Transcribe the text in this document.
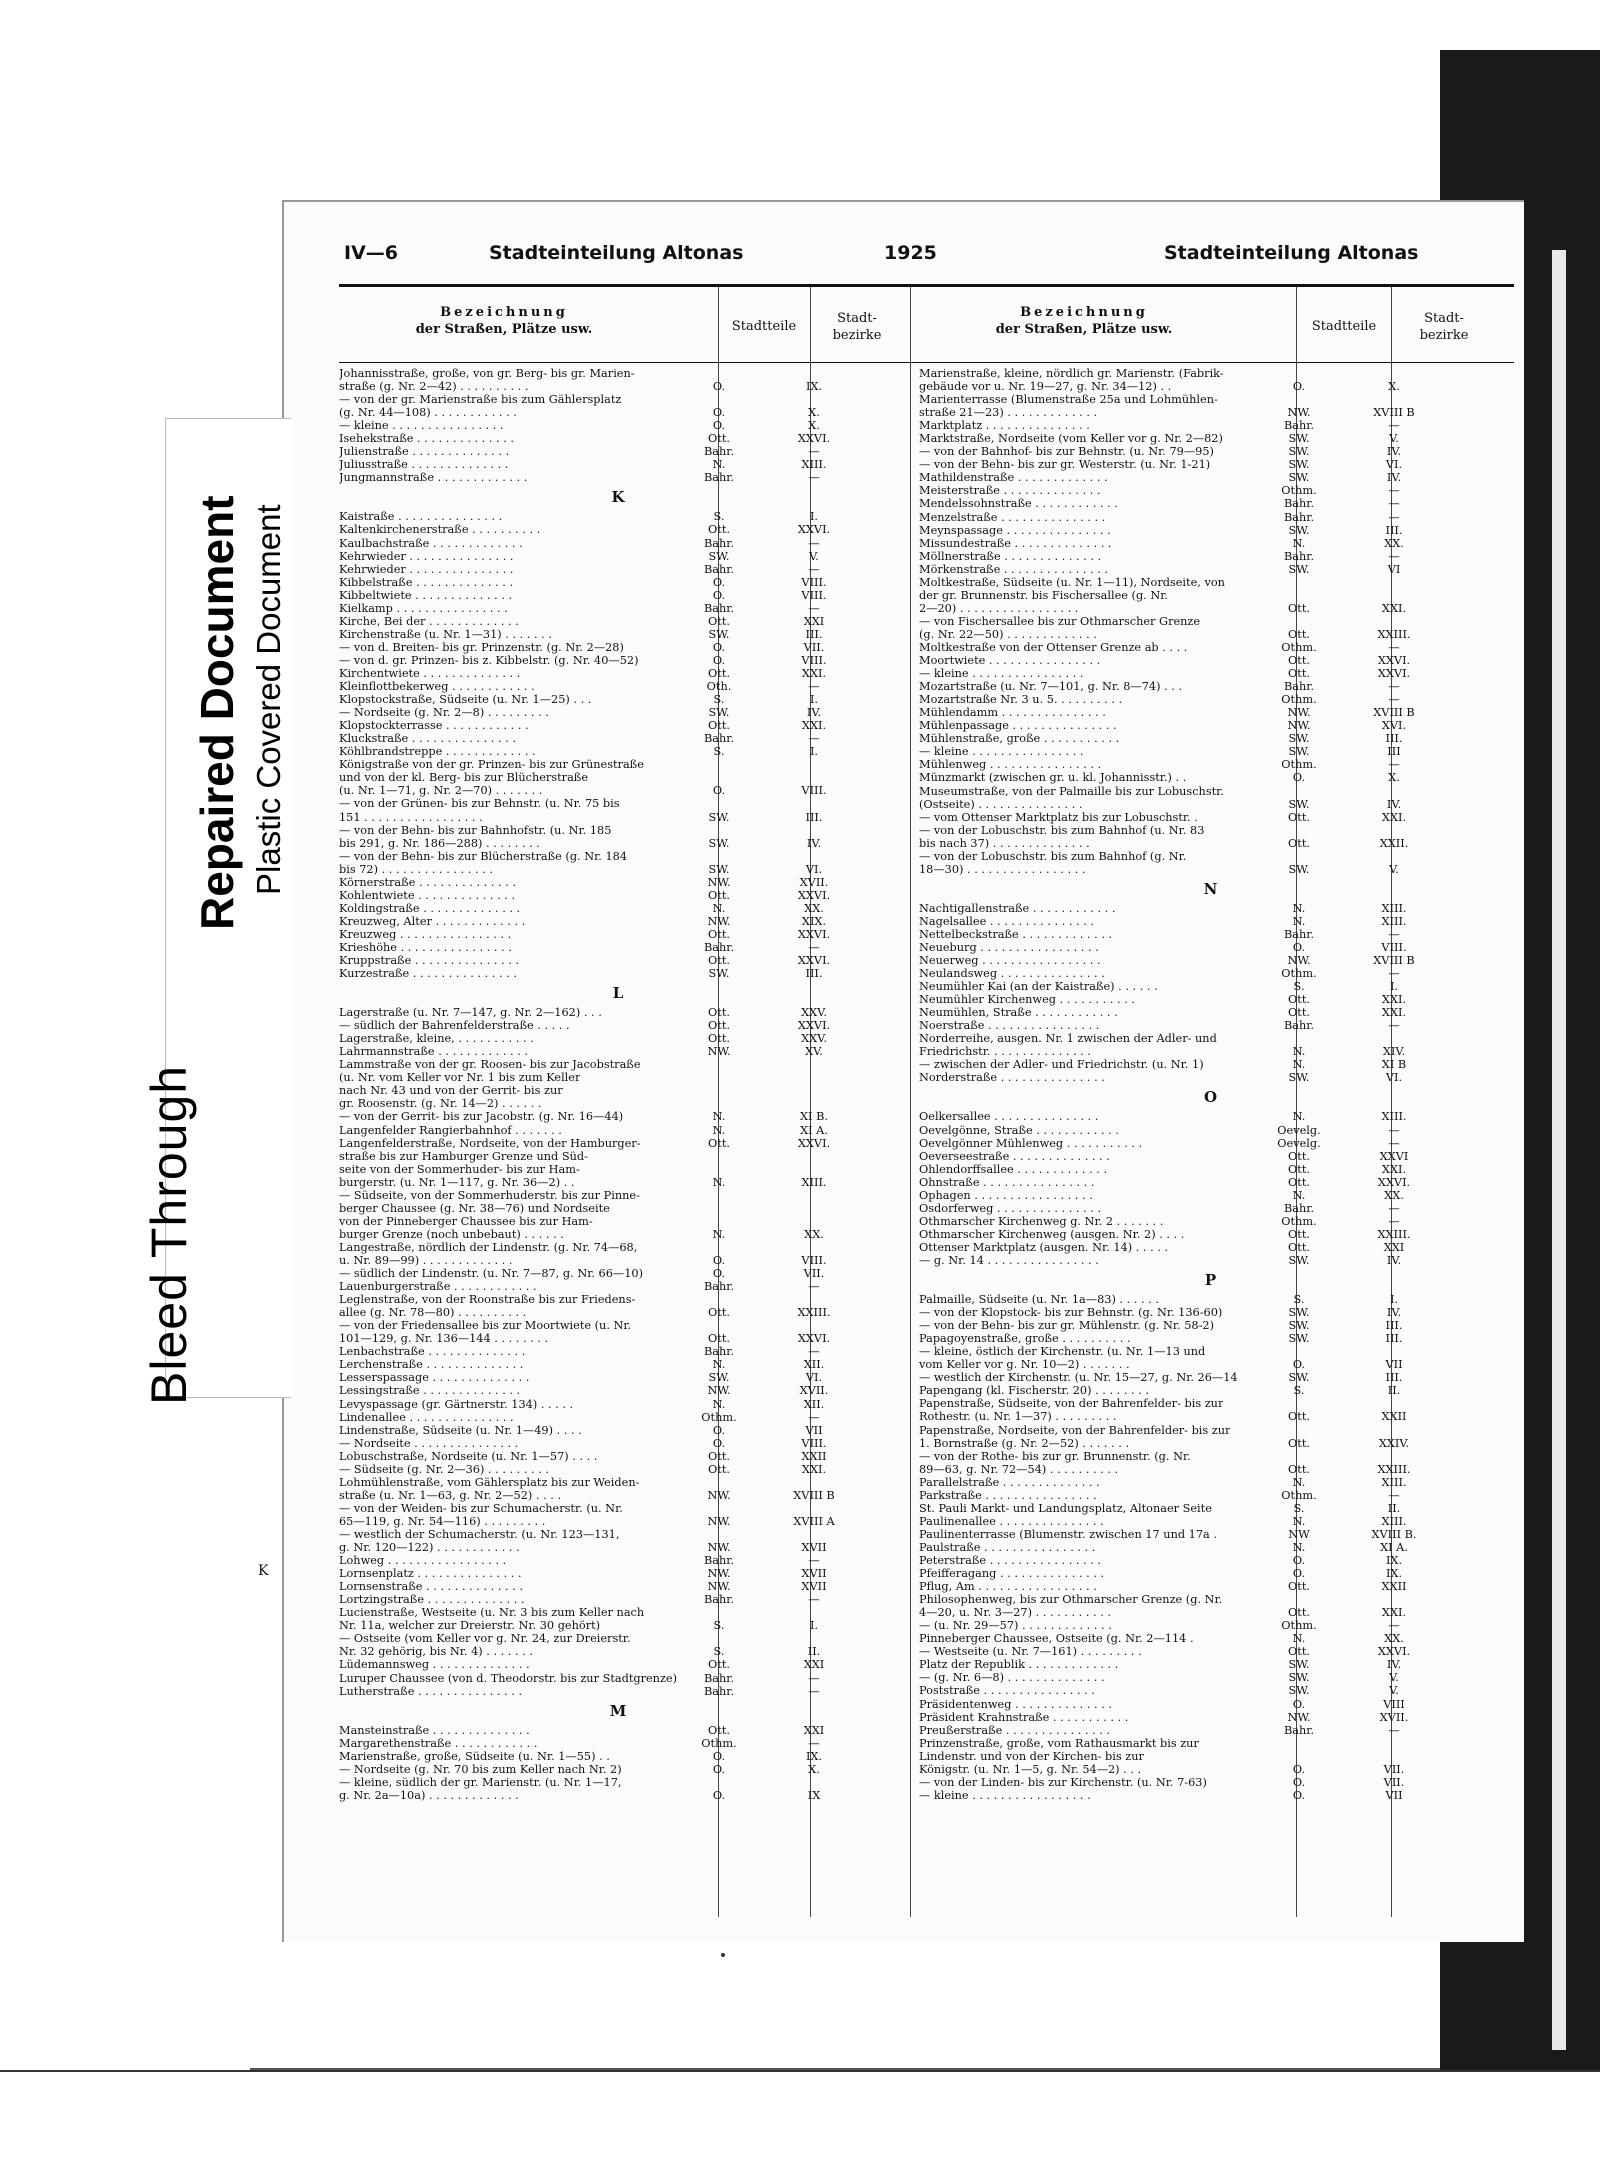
IV—6	Stadteinteilung Altonas	1925	Stadteinteilung Altonas
Bezeichnung
der Straßen, Plätze usw.	Stadtteile
Stadt-
bezirke
Bezeichnung
der Straßen, Plätze usw.	Stadtteile
Stadt-
bezirke
Johannisstraße, große, von gr. Berg- bis gr. Marien-
straße (g. Nr. 2—42) . . . . . . . . . .	O.	IX.
— von der gr. Marienstraße bis zum Gählersplatz
(g. Nr. 44—108) . . . . . . . . . . . .	O.	X.
— kleine . . . . . . . . . . . . . . . .	O.	X.
Isehekstraße . . . . . . . . . . . . . .	Ott.	XXVI.
Julienstraße . . . . . . . . . . . . . .	Bahr.	—
Juliusstraße . . . . . . . . . . . . . .	N.	XIII.
Jungmannstraße . . . . . . . . . . . . .	Bahr.	—
K
Kaistraße . . . . . . . . . . . . . . .	S.	I.
Kaltenkirchenerstraße . . . . . . . . . .	Ott.	XXVI.
Kaulbachstraße . . . . . . . . . . . . .	Bahr.	—
Kehrwieder . . . . . . . . . . . . . . .	SW.	V.
Kehrwieder . . . . . . . . . . . . . . .	Bahr.	—
Kibbelstraße . . . . . . . . . . . . . .	O.	VIII.
Kibbeltwiete . . . . . . . . . . . . . .	O.	VIII.
Kielkamp . . . . . . . . . . . . . . . .	Bahr.	—
Kirche, Bei der . . . . . . . . . . . . .	Ott.	XXI
Kirchenstraße (u. Nr. 1—31) . . . . . . .	SW.	III.
— von d. Breiten- bis gr. Prinzenstr. (g. Nr. 2—28)	O.	VII.
— von d. gr. Prinzen- bis z. Kibbelstr. (g. Nr. 40—52)	O.	VIII.
Kirchentwiete . . . . . . . . . . . . . .	Ott.	XXI.
Kleinflottbekerweg . . . . . . . . . . . .	Oth.	—
Klopstockstraße, Südseite (u. Nr. 1—25) . . .	S.	I.
— Nordseite (g. Nr. 2—8) . . . . . . . . .	SW.	IV.
Klopstockterrasse . . . . . . . . . . . .	Ott.	XXI.
Kluckstraße . . . . . . . . . . . . . . .	Bahr.	—
Köhlbrandstreppe . . . . . . . . . . . . .	S.	I.
Königstraße von der gr. Prinzen- bis zur Grünestraße
und von der kl. Berg- bis zur Blücherstraße
(u. Nr. 1—71, g. Nr. 2—70) . . . . . . .	O.	VIII.
— von der Grünen- bis zur Behnstr. (u. Nr. 75 bis
151 . . . . . . . . . . . . . . . . .	SW.	III.
— von der Behn- bis zur Bahnhofstr. (u. Nr. 185
bis 291, g. Nr. 186—288) . . . . . . . .	SW.	IV.
— von der Behn- bis zur Blücherstraße (g. Nr. 184
bis 72) . . . . . . . . . . . . . . . .	SW.	VI.
Körnerstraße . . . . . . . . . . . . . .	NW.	XVII.
Kohlentwiete . . . . . . . . . . . . . .	Ott.	XXVI.
Koldingstraße . . . . . . . . . . . . . .	N.	XX.
Kreuzweg, Alter . . . . . . . . . . . . .	NW.	XIX.
Kreuzweg . . . . . . . . . . . . . . . .	Ott.	XXVI.
Krieshöhe . . . . . . . . . . . . . . . .	Bahr.	—
Kruppstraße . . . . . . . . . . . . . . .	Ott.	XXVI.
Kurzestraße . . . . . . . . . . . . . . .	SW.	III.
L
Lagerstraße (u. Nr. 7—147, g. Nr. 2—162) . . .	Ott.	XXV.
— südlich der Bahrenfelderstraße . . . . .	Ott.	XXVI.
Lagerstraße, kleine, . . . . . . . . . . .	Ott.	XXV.
Lahrmannstraße . . . . . . . . . . . . .	NW.	XV.
Lammstraße von der gr. Roosen- bis zur Jacobstraße
(u. Nr. vom Keller vor Nr. 1 bis zum Keller
nach Nr. 43 und von der Gerrit- bis zur
gr. Roosenstr. (g. Nr. 14—2) . . . . . .
— von der Gerrit- bis zur Jacobstr. (g. Nr. 16—44)	N.	XI B.
Langenfelder Rangierbahnhof . . . . . . .	N.	XI A.
Langenfelderstraße, Nordseite, von der Hamburger-	Ott.	XXVI.
straße bis zur Hamburger Grenze und Süd-
seite von der Sommerhuder- bis zur Ham-
burgerstr. (u. Nr. 1—117, g. Nr. 36—2) . .	N.	XIII.
— Südseite, von der Sommerhuderstr. bis zur Pinne-
berger Chaussee (g. Nr. 38—76) und Nordseite
von der Pinneberger Chaussee bis zur Ham-
burger Grenze (noch unbebaut) . . . . . .	N.	XX.
Langestraße, nördlich der Lindenstr. (g. Nr. 74—68,
u. Nr. 89—99) . . . . . . . . . . . . .	O.	VIII.
— südlich der Lindenstr. (u. Nr. 7—87, g. Nr. 66—10)	O.	VII.
Lauenburgerstraße . . . . . . . . . . . .	Bahr.	—
Leglenstraße, von der Roonstraße bis zur Friedens-
allee (g. Nr. 78—80) . . . . . . . . . .	Ott.	XXIII.
— von der Friedensallee bis zur Moortwiete (u. Nr.
101—129, g. Nr. 136—144 . . . . . . . .	Ott.	XXVI.
Lenbachstraße . . . . . . . . . . . . . .	Bahr.	—
Lerchenstraße . . . . . . . . . . . . . .	N.	XII.
Lesserspassage . . . . . . . . . . . . . .	SW.	VI.
Lessingstraße . . . . . . . . . . . . . .	NW.	XVII.
Levyspassage (gr. Gärtnerstr. 134) . . . . .	N.	XII.
Lindenallee . . . . . . . . . . . . . . .	Othm.	—
Lindenstraße, Südseite (u. Nr. 1—49) . . . .	O.	VII
— Nordseite . . . . . . . . . . . . . . .	O.	VIII.
Lobuschstraße, Nordseite (u. Nr. 1—57) . . . .	Ott.	XXII
— Südseite (g. Nr. 2—36) . . . . . . . . .	Ott.	XXI.
Lohmühlenstraße, vom Gählersplatz bis zur Weiden-
straße (u. Nr. 1—63, g. Nr. 2—52) . . . .	NW.	XVIII B
— von der Weiden- bis zur Schumacherstr. (u. Nr.
65—119, g. Nr. 54—116) . . . . . . . . .	NW.	XVIII A
— westlich der Schumacherstr. (u. Nr. 123—131,
g. Nr. 120—122) . . . . . . . . . . . .	NW.	XVII
Lohweg . . . . . . . . . . . . . . . . .	Bahr.	—
Lornsenplatz . . . . . . . . . . . . . . .	NW.	XVII
Lornsenstraße . . . . . . . . . . . . . .	NW.	XVII
Lortzingstraße . . . . . . . . . . . . . .	Bahr.	—
Lucienstraße, Westseite (u. Nr. 3 bis zum Keller nach
Nr. 11a, welcher zur Dreierstr. Nr. 30 gehört)	S.	I.
— Ostseite (vom Keller vor g. Nr. 24, zur Dreierstr.
Nr. 32 gehörig, bis Nr. 4) . . . . . . .	S.	II.
Lüdemannsweg . . . . . . . . . . . . . .	Ott.	XXI
Luruper Chaussee (von d. Theodorstr. bis zur Stadtgrenze)	Bahr.	—
Lutherstraße . . . . . . . . . . . . . . .	Bahr.	—
M
Mansteinstraße . . . . . . . . . . . . . .	Ott.	XXI
Margarethenstraße . . . . . . . . . . . .	Othm.	—
Marienstraße, große, Südseite (u. Nr. 1—55) . .	O.	IX.
— Nordseite (g. Nr. 70 bis zum Keller nach Nr. 2)	O.	X.
— kleine, südlich der gr. Marienstr. (u. Nr. 1—17,
g. Nr. 2a—10a) . . . . . . . . . . . . .	O.	IX
Marienstraße, kleine, nördlich gr. Marienstr. (Fabrik-
gebäude vor u. Nr. 19—27, g. Nr. 34—12) . .	O.	X.
Marienterrasse (Blumenstraße 25a und Lohmühlen-
straße 21—23) . . . . . . . . . . . . .	NW.	XVIII B
Marktplatz . . . . . . . . . . . . . . .	Bahr.	—
Marktstraße, Nordseite (vom Keller vor g. Nr. 2—82)	SW.	V.
— von der Bahnhof- bis zur Behnstr. (u. Nr. 79—95)	SW.	IV.
— von der Behn- bis zur gr. Westerstr. (u. Nr. 1-21)	SW.	VI.
Mathildenstraße . . . . . . . . . . . . .	SW.	IV.
Meisterstraße . . . . . . . . . . . . . .	Othm.	—
Mendelssohnstraße . . . . . . . . . . . .	Bahr.	—
Menzelstraße . . . . . . . . . . . . . . .	Bahr.	—
Meynspassage . . . . . . . . . . . . . . .	SW.	III.
Missundestraße . . . . . . . . . . . . . .	N.	XX.
Möllnerstraße . . . . . . . . . . . . . .	Bahr.	—
Mörkenstraße . . . . . . . . . . . . . . .	SW.	VI
Moltkestraße, Südseite (u. Nr. 1—11), Nordseite, von
der gr. Brunnenstr. bis Fischersallee (g. Nr.
2—20) . . . . . . . . . . . . . . . . .	Ott.	XXI.
— von Fischersallee bis zur Othmarscher Grenze
(g. Nr. 22—50) . . . . . . . . . . . . .	Ott.	XXIII.
Moltkestraße von der Ottenser Grenze ab . . . .	Othm.	—
Moortwiete . . . . . . . . . . . . . . . .	Ott.	XXVI.
— kleine . . . . . . . . . . . . . . . .	Ott.	XXVI.
Mozartstraße (u. Nr. 7—101, g. Nr. 8—74) . . .	Bahr.	—
Mozartstraße Nr. 3 u. 5. . . . . . . . . .	Othm.	—
Mühlendamm . . . . . . . . . . . . . . .	NW.	XVIII B
Mühlenpassage . . . . . . . . . . . . . . .	NW.	XVI.
Mühlenstraße, große . . . . . . . . . . .	SW.	III.
— kleine . . . . . . . . . . . . . . . .	SW.	III
Mühlenweg . . . . . . . . . . . . . . . .	Othm.	—
Münzmarkt (zwischen gr. u. kl. Johannisstr.) . .	O.	X.
Museumstraße, von der Palmaille bis zur Lobuschstr.
(Ostseite) . . . . . . . . . . . . . . .	SW.	IV.
— vom Ottenser Marktplatz bis zur Lobuschstr. .	Ott.	XXI.
— von der Lobuschstr. bis zum Bahnhof (u. Nr. 83
bis nach 37) . . . . . . . . . . . . . .	Ott.	XXII.
— von der Lobuschstr. bis zum Bahnhof (g. Nr.
18—30) . . . . . . . . . . . . . . . . .	SW.	V.
N
Nachtigallenstraße . . . . . . . . . . . .	N.	XIII.
Nagelsallee . . . . . . . . . . . . . . .	N.	XIII.
Nettelbeckstraße . . . . . . . . . . . . .	Bahr.	—
Neueburg . . . . . . . . . . . . . . . . .	O.	VIII.
Neuerweg . . . . . . . . . . . . . . . . .	NW.	XVIII B
Neulandsweg . . . . . . . . . . . . . . .	Othm.	—
Neumühler Kai (an der Kaistraße) . . . . . .	S.	I.
Neumühler Kirchenweg . . . . . . . . . . .	Ott.	XXI.
Neumühlen, Straße . . . . . . . . . . . .	Ott.	XXI.
Noerstraße . . . . . . . . . . . . . . . .	Bahr.	—
Norderreihe, ausgen. Nr. 1 zwischen der Adler- und
Friedrichstr. . . . . . . . . . . . . . .	N.	XIV.
— zwischen der Adler- und Friedrichstr. (u. Nr. 1)	N.	XI B
Norderstraße . . . . . . . . . . . . . . .	SW.	VI.
O
Oelkersallee . . . . . . . . . . . . . . .	N.	XIII.
Oevelgönne, Straße . . . . . . . . . . . .	Oevelg.	—
Oevelgönner Mühlenweg . . . . . . . . . . .	Oevelg.	—
Oeverseestraße . . . . . . . . . . . . . .	Ott.	XXVI
Ohlendorffsallee . . . . . . . . . . . . .	Ott.	XXI.
Ohnstraße . . . . . . . . . . . . . . . .	Ott.	XXVI.
Ophagen . . . . . . . . . . . . . . . . .	N.	XX.
Osdorferweg . . . . . . . . . . . . . . .	Bahr.	—
Othmarscher Kirchenweg g. Nr. 2 . . . . . . .	Othm.	—
Othmarscher Kirchenweg (ausgen. Nr. 2) . . . .	Ott.	XXIII.
Ottenser Marktplatz (ausgen. Nr. 14) . . . . .	Ott.	XXI
— g. Nr. 14 . . . . . . . . . . . . . . . .	SW.	IV.
P
Palmaille, Südseite (u. Nr. 1a—83) . . . . . .	S.	I.
— von der Klopstock- bis zur Behnstr. (g. Nr. 136-60)	SW.	IV.
— von der Behn- bis zur gr. Mühlenstr. (g. Nr. 58-2)	SW.	III.
Papagoyenstraße, große . . . . . . . . . .	SW.	III.
— kleine, östlich der Kirchenstr. (u. Nr. 1—13 und
vom Keller vor g. Nr. 10—2) . . . . . . .	O.	VII
— westlich der Kirchenstr. (u. Nr. 15—27, g. Nr. 26—14	SW.	III.
Papengang (kl. Fischerstr. 20) . . . . . . . .	S.	II.
Papenstraße, Südseite, von der Bahrenfelder- bis zur
Rothestr. (u. Nr. 1—37) . . . . . . . . .	Ott.	XXII
Papenstraße, Nordseite, von der Bahrenfelder- bis zur
1. Bornstraße (g. Nr. 2—52) . . . . . . .	Ott.	XXIV.
— von der Rothe- bis zur gr. Brunnenstr. (g. Nr.
89—63, g. Nr. 72—54) . . . . . . . . . .	Ott.	XXIII.
Parallelstraße . . . . . . . . . . . . . .	N.	XIII.
Parkstraße . . . . . . . . . . . . . . . .	Othm.	—
St. Pauli Markt- und Landungsplatz, Altonaer Seite	S.	II.
Paulinenallee . . . . . . . . . . . . . . .	N.	XIII.
Paulinenterrasse (Blumenstr. zwischen 17 und 17a .	NW	XVIII B.
Paulstraße . . . . . . . . . . . . . . . .	N.	XI A.
Peterstraße . . . . . . . . . . . . . . . .	O.	IX.
Pfeifferagang . . . . . . . . . . . . . . .	O.	IX.
Pflug, Am . . . . . . . . . . . . . . . . .	Ott.	XXII
Philosophenweg, bis zur Othmarscher Grenze (g. Nr.
4—20, u. Nr. 3—27) . . . . . . . . . . .	Ott.	XXI.
— (u. Nr. 29—57) . . . . . . . . . . . . .	Othm.	—
Pinneberger Chaussee, Ostseite (g. Nr. 2—114 .	N.	XX.
— Westseite (u. Nr. 7—161) . . . . . . . . .	Ott.	XXVI.
Platz der Republik . . . . . . . . . . . . .	SW.	IV.
— (g. Nr. 6—8) . . . . . . . . . . . . . .	SW.	V.
Poststraße . . . . . . . . . . . . . . . .	SW.	V.
Präsidentenweg . . . . . . . . . . . . . .	O.	VIII
Präsident Krahnstraße . . . . . . . . . . .	NW.	XVII.
Preußerstraße . . . . . . . . . . . . . . .	Bahr.	—
Prinzenstraße, große, vom Rathausmarkt bis zur
Lindenstr. und von der Kirchen- bis zur
Königstr. (u. Nr. 1—5, g. Nr. 54—2) . . .	O.	VII.
— von der Linden- bis zur Kirchenstr. (u. Nr. 7-63)	O.	VII.
— kleine . . . . . . . . . . . . . . . . .	O.	VII
Bleed Through
Repaired Document Plastic Covered Document
K
